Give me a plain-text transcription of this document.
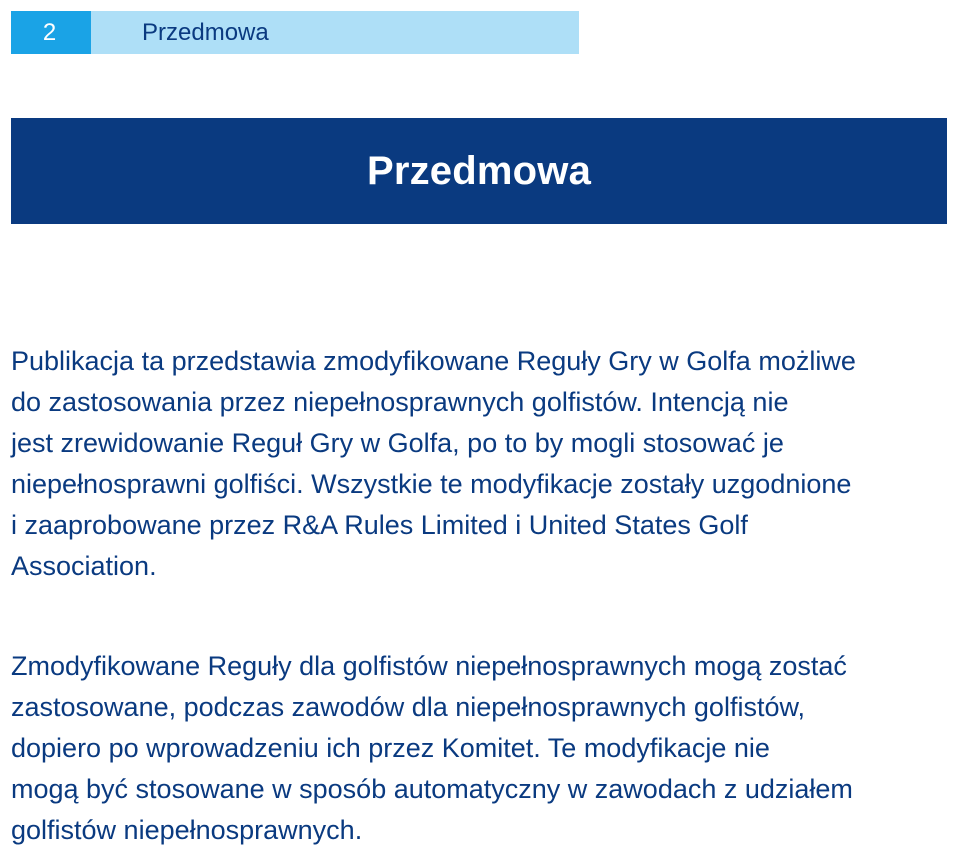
2	Przedmowa
Przedmowa

Publikacja ta przedstawia zmodyfikowane Reguły Gry w Golfa możliwe
do zastosowania przez niepełnosprawnych golfistów. Intencją nie
jest zrewidowanie Reguł Gry w Golfa, po to by mogli stosować je
niepełnosprawni golfiści. Wszystkie te modyfikacje zostały uzgodnione
i zaaprobowane przez R&A Rules Limited i United States Golf
Association.

Zmodyfikowane Reguły dla golfistów niepełnosprawnych mogą zostać
zastosowane, podczas zawodów dla niepełnosprawnych golfistów,
dopiero po wprowadzeniu ich przez Komitet. Te modyfikacje nie
mogą być stosowane w sposób automatyczny w zawodach z udziałem
golfistów niepełnosprawnych.
